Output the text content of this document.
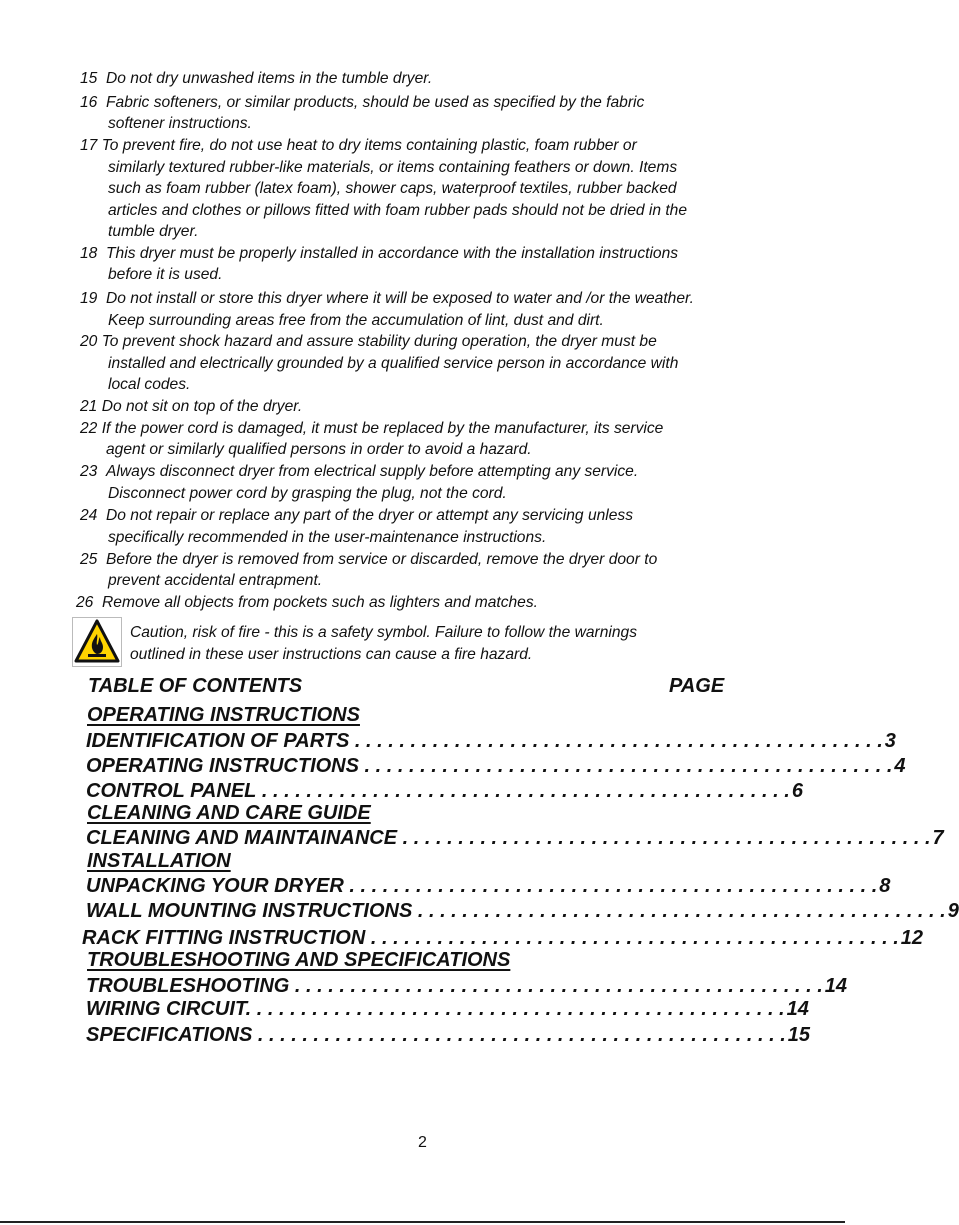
15 Do not dry unwashed items in the tumble dryer.
16 Fabric softeners, or similar products, should be used as specified by the fabric
softener instructions.
17 To prevent fire, do not use heat to dry items containing plastic, foam rubber or
similarly textured rubber-like materials, or items containing feathers or down. Items
such as foam rubber (latex foam), shower caps, waterproof textiles, rubber backed
articles and clothes or pillows fitted with foam rubber pads should not be dried in the
tumble dryer.
18 This dryer must be properly installed in accordance with the installation instructions
before it is used.
19 Do not install or store this dryer where it will be exposed to water and /or the weather.
Keep surrounding areas free from the accumulation of lint, dust and dirt.
20 To prevent shock hazard and assure stability during operation, the dryer must be
installed and electrically grounded by a qualified service person in accordance with
local codes.
21 Do not sit on top of the dryer.
22 If the power cord is damaged, it must be replaced by the manufacturer, its service
agent or similarly qualified persons in order to avoid a hazard.
23 Always disconnect dryer from electrical supply before attempting any service.
Disconnect power cord by grasping the plug, not the cord.
24 Do not repair or replace any part of the dryer or attempt any servicing unless
specifically recommended in the user-maintenance instructions.
25 Before the dryer is removed from service or discarded, remove the dryer door to
prevent accidental entrapment.
26 Remove all objects from pockets such as lighters and matches.
Caution, risk of fire - this is a safety symbol. Failure to follow the warnings
outlined in these user instructions can cause a fire hazard.
TABLE OF CONTENTS	PAGE
OPERATING INSTRUCTIONS
IDENTIFICATION OF PARTS . . . . . . . . . . . . . . . . . . . . . . . . . . . . . . . . . . . . . . . . . . . . . . . . 3
OPERATING INSTRUCTIONS . . . . . . . . . . . . . . . . . . . . . . . . . . . . . . . . . . . . . . . . . . . . . . . . 4
CONTROL PANEL . . . . . . . . . . . . . . . . . . . . . . . . . . . . . . . . . . . . . . . . . . . . . . . . 6
CLEANING AND CARE GUIDE
CLEANING AND MAINTAINANCE . . . . . . . . . . . . . . . . . . . . . . . . . . . . . . . . . . . . . . . . . . . . . . . . 7
INSTALLATION
UNPACKING YOUR DRYER . . . . . . . . . . . . . . . . . . . . . . . . . . . . . . . . . . . . . . . . . . . . . . . . 8
WALL MOUNTING INSTRUCTIONS . . . . . . . . . . . . . . . . . . . . . . . . . . . . . . . . . . . . . . . . . . . . . . . . 9
RACK FITTING INSTRUCTION . . . . . . . . . . . . . . . . . . . . . . . . . . . . . . . . . . . . . . . . . . . . . . . . 12
TROUBLESHOOTING AND SPECIFICATIONS
TROUBLESHOOTING . . . . . . . . . . . . . . . . . . . . . . . . . . . . . . . . . . . . . . . . . . . . . . . . 14
WIRING CIRCUIT. . . . . . . . . . . . . . . . . . . . . . . . . . . . . . . . . . . . . . . . . . . . . . . . . 14
SPECIFICATIONS . . . . . . . . . . . . . . . . . . . . . . . . . . . . . . . . . . . . . . . . . . . . . . . . 15
2
